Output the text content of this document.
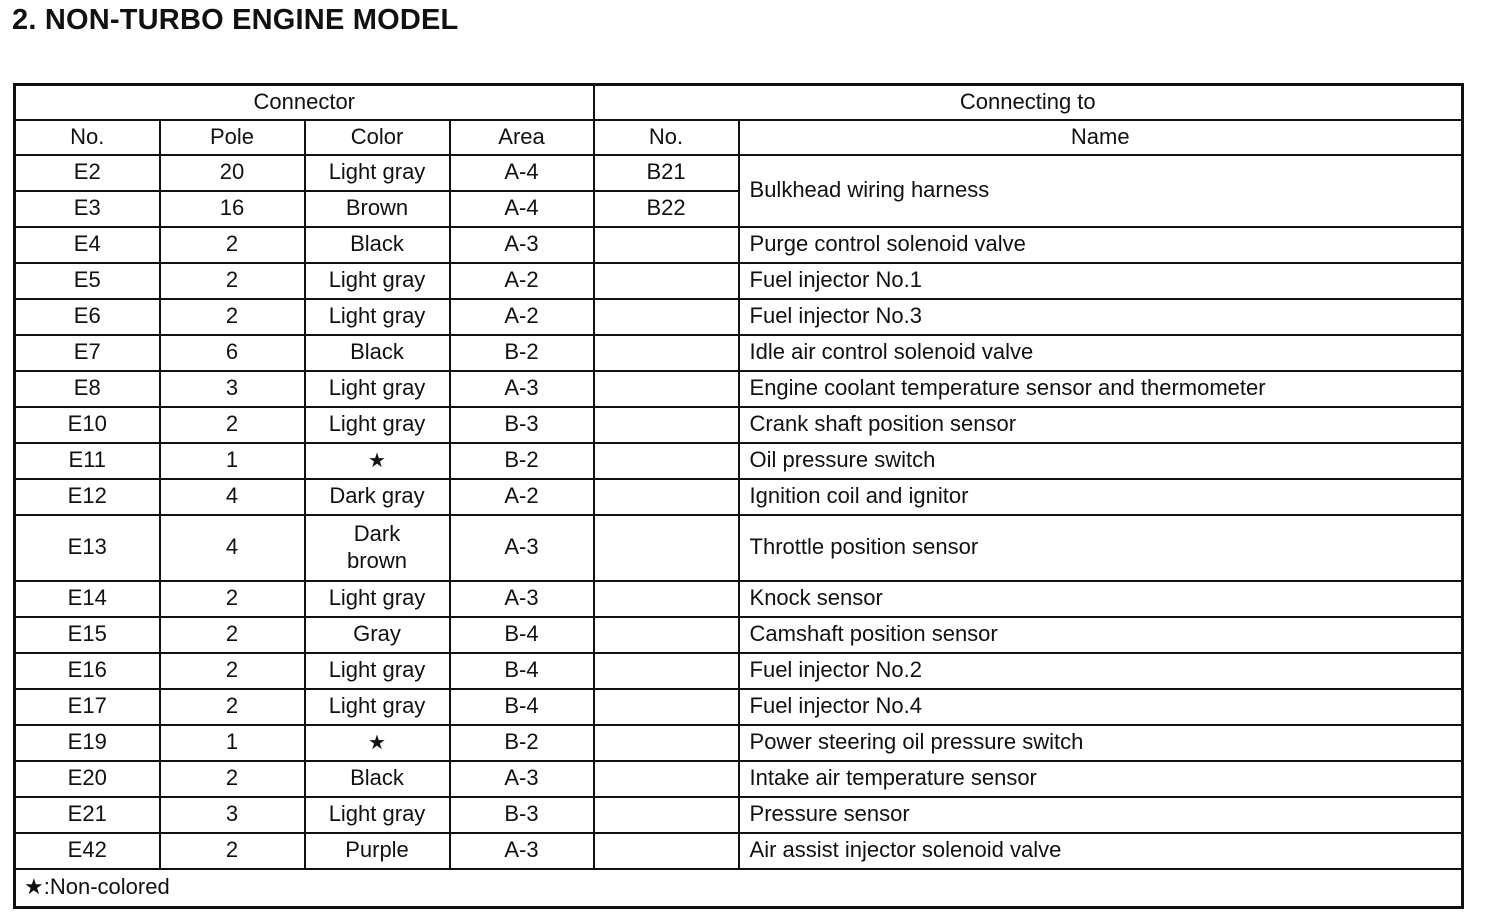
2. NON-TURBO ENGINE MODEL
Connector				Connecting to	
No.	Pole	Color	Area	No.	Name
E2	20	Light gray	A-4	B21	Bulkhead wiring harness
E3	16	Brown	A-4	B22	
E4	2	Black	A-3		Purge control solenoid valve
E5	2	Light gray	A-2		Fuel injector No.1
E6	2	Light gray	A-2		Fuel injector No.3
E7	6	Black	B-2		Idle air control solenoid valve
E8	3	Light gray	A-3		Engine coolant temperature sensor and thermometer
E10	2	Light gray	B-3		Crank shaft position sensor
E11	1	★	B-2		Oil pressure switch
E12	4	Dark gray	A-2		Ignition coil and ignitor
E13	4	Dark brown	A-3		Throttle position sensor
E14	2	Light gray	A-3		Knock sensor
E15	2	Gray	B-4		Camshaft position sensor
E16	2	Light gray	B-4		Fuel injector No.2
E17	2	Light gray	B-4		Fuel injector No.4
E19	1	★	B-2		Power steering oil pressure switch
E20	2	Black	A-3		Intake air temperature sensor
E21	3	Light gray	B-3		Pressure sensor
E42	2	Purple	A-3		Air assist injector solenoid valve
★:Non-colored					
